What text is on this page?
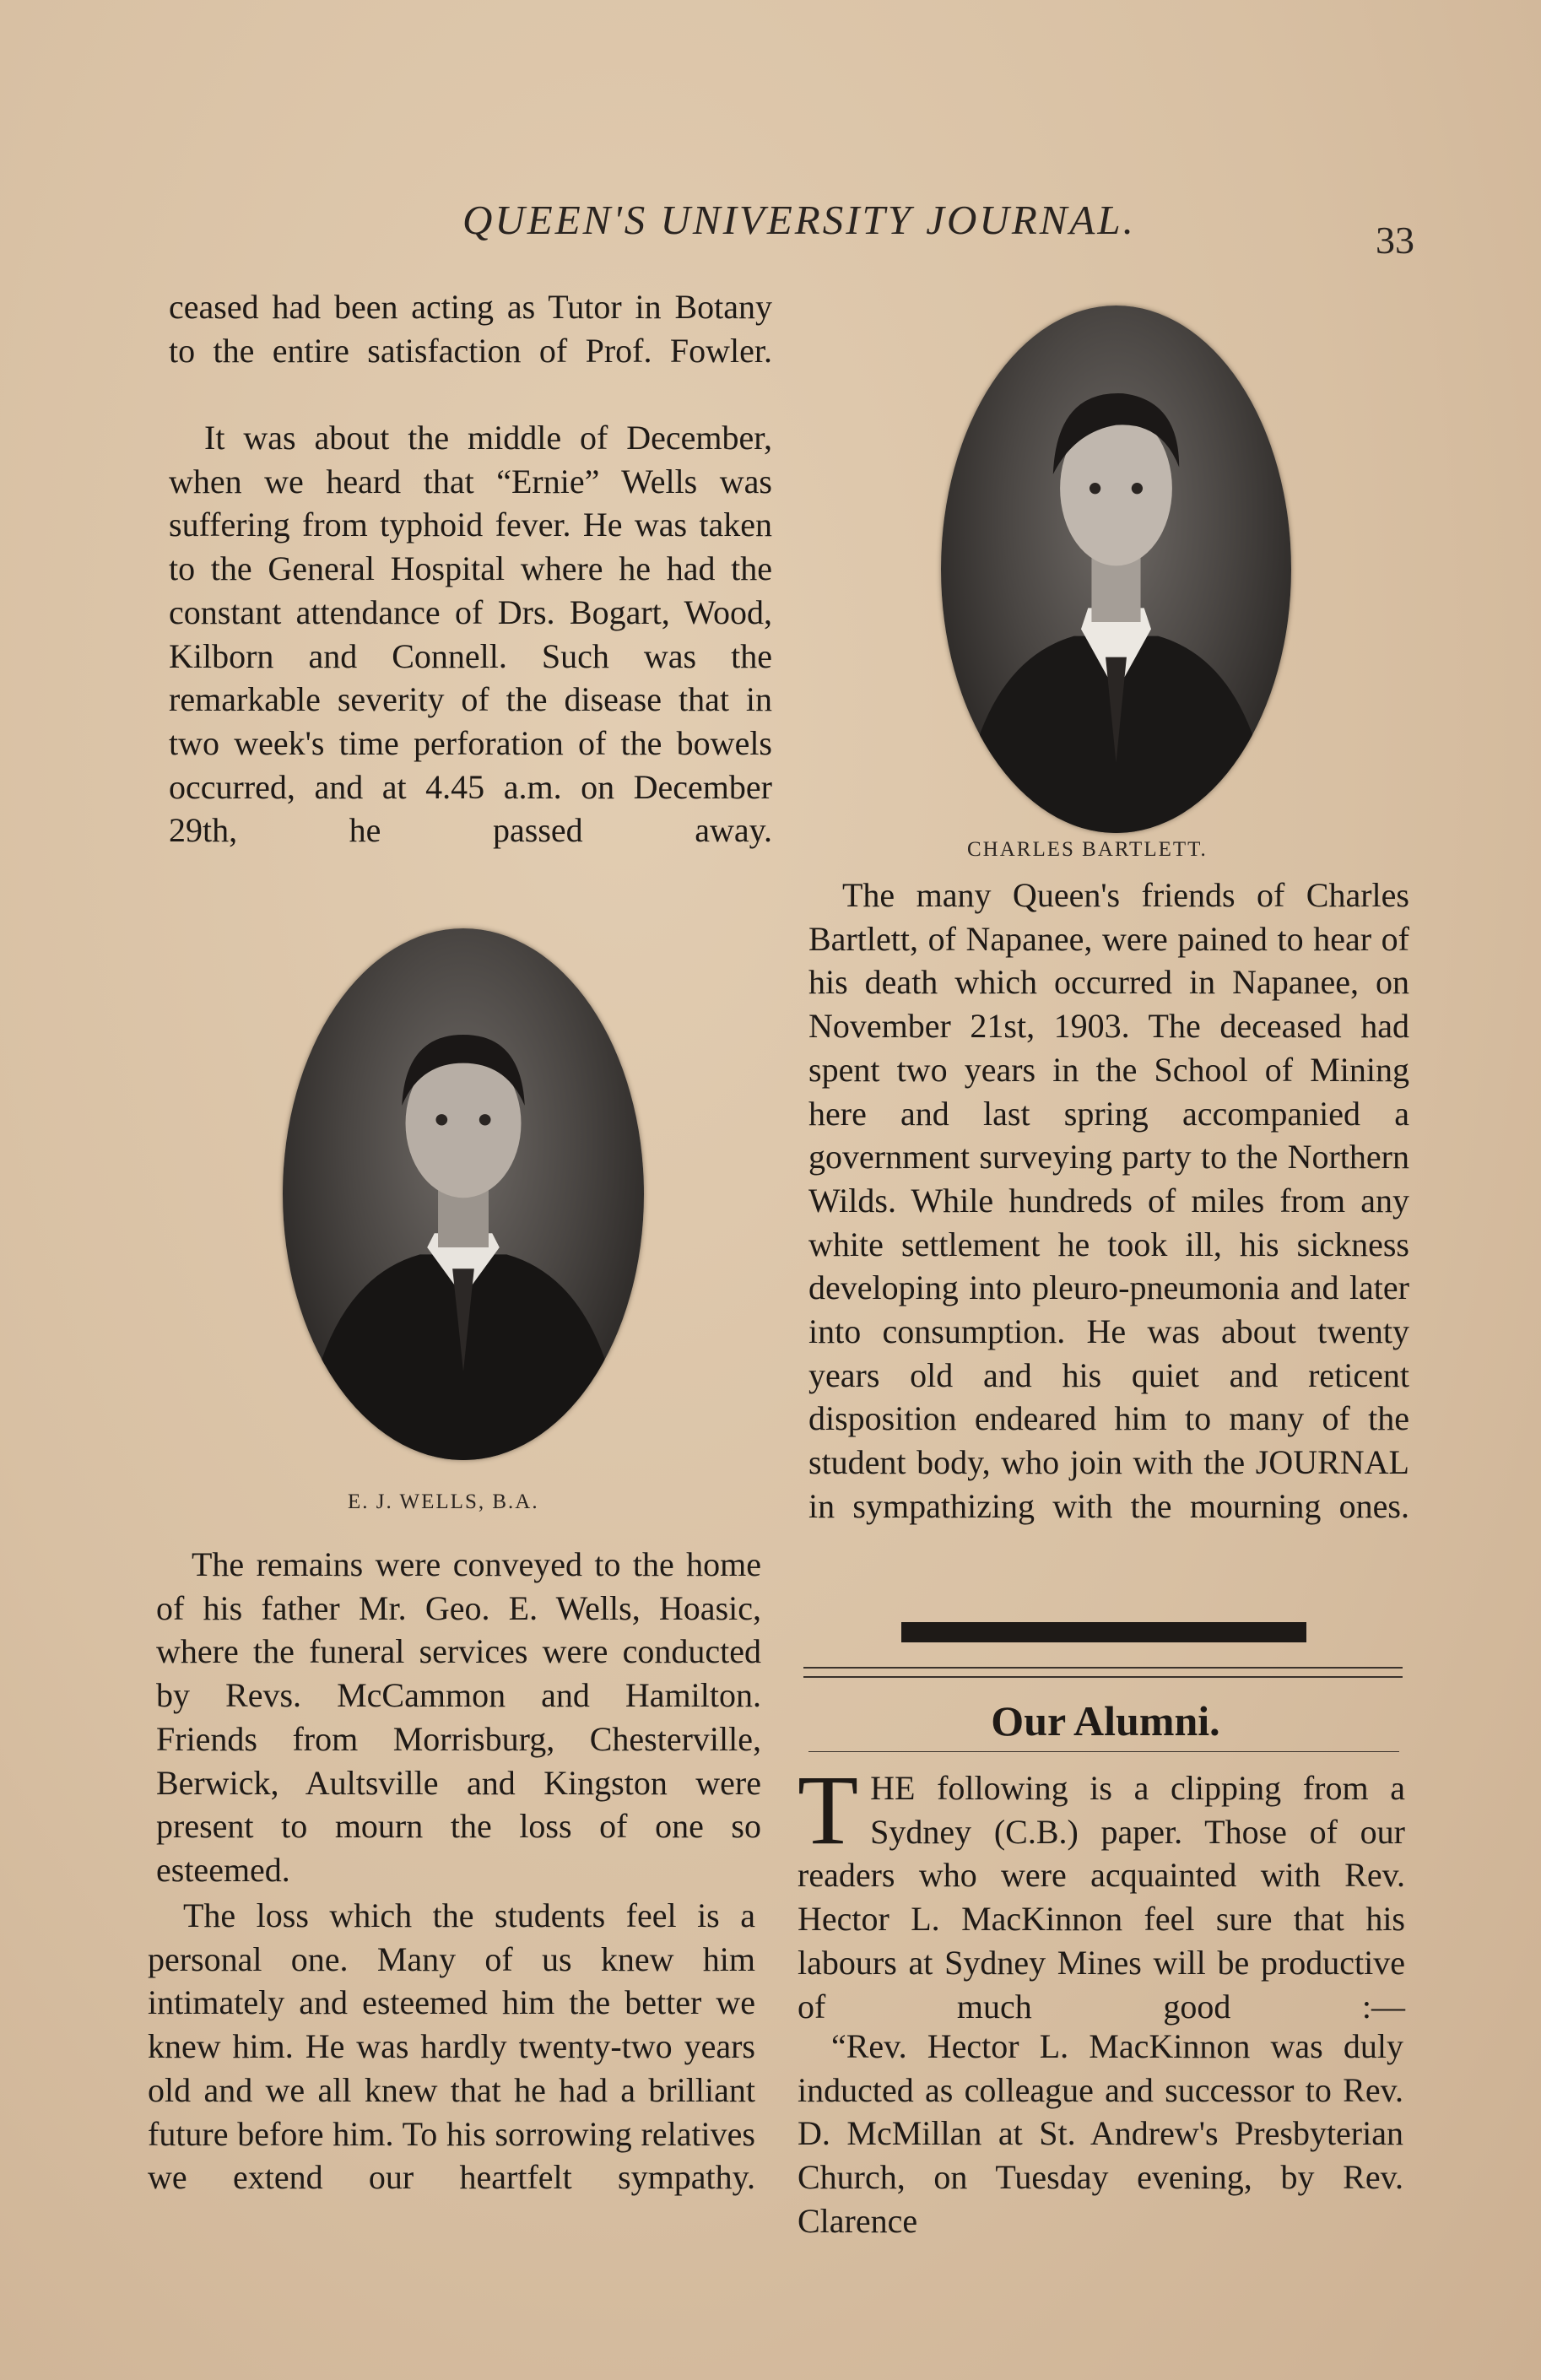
QUEEN'S UNIVERSITY JOURNAL.	33

ceased had been acting as Tutor in Botany to the entire satisfaction of Prof. Fowler.

It was about the middle of December, when we heard that “Ernie” Wells was suffering from typhoid fever. He was taken to the General Hospital where he had the constant attendance of Drs. Bogart, Wood, Kilborn and Connell. Such was the remarkable severity of the disease that in two week's time perforation of the bowels occurred, and at 4.45 a.m. on December 29th, he passed away.

E. J. WELLS, B.A.

The remains were conveyed to the home of his father Mr. Geo. E. Wells, Hoasic, where the funeral services were conducted by Revs. McCammon and Hamilton. Friends from Morrisburg, Chesterville, Berwick, Aultsville and Kingston were present to mourn the loss of one so esteemed.

The loss which the students feel is a personal one. Many of us knew him intimately and esteemed him the better we knew him. He was hardly twenty-two years old and we all knew that he had a brilliant future before him. To his sorrowing relatives we extend our heartfelt sympathy.

CHARLES BARTLETT.

The many Queen's friends of Charles Bartlett, of Napanee, were pained to hear of his death which occurred in Napanee, on November 21st, 1903. The deceased had spent two years in the School of Mining here and last spring accompanied a government surveying party to the Northern Wilds. While hundreds of miles from any white settlement he took ill, his sickness developing into pleuro-pneumonia and later into consumption. He was about twenty years old and his quiet and reticent disposition endeared him to many of the student body, who join with the JOURNAL in sympathizing with the mourning ones.

Our Alumni.

THE following is a clipping from a Sydney (C.B.) paper. Those of our readers who were acquainted with Rev. Hector L. MacKinnon feel sure that his labours at Sydney Mines will be productive of much good :—

“Rev. Hector L. MacKinnon was duly inducted as colleague and successor to Rev. D. McMillan at St. Andrew's Presbyterian Church, on Tuesday evening, by Rev. Clarence
